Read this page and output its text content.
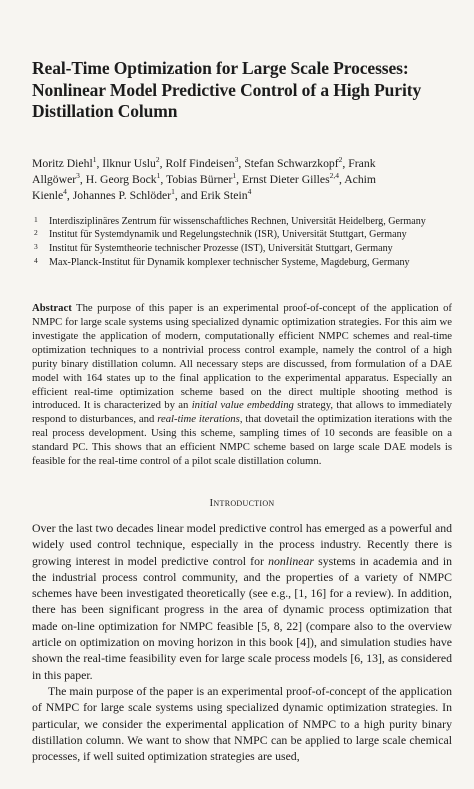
Real-Time Optimization for Large Scale Processes:
Nonlinear Model Predictive Control of a High Purity
Distillation Column
Moritz Diehl$^1$, Ilknur Uslu$^2$, Rolf Findeisen$^3$, Stefan Schwarzkopf$^2$, Frank
Allgöwer$^3$, H. Georg Bock$^1$, Tobias Bürner$^1$, Ernst Dieter Gilles$^{2,4}$, Achim
Kienle$^4$, Johannes P. Schlöder$^1$, and Erik Stein$^4$
1 Interdisziplinäres Zentrum für wissenschaftliches Rechnen, Universität Heidelberg, Germany
2 Institut für Systemdynamik und Regelungstechnik (ISR), Universität Stuttgart, Germany
3 Institut für Systemtheorie technischer Prozesse (IST), Universität Stuttgart, Germany
4 Max-Planck-Institut für Dynamik komplexer technischer Systeme, Magdeburg, Germany
Abstract The purpose of this paper is an experimental proof-of-concept of the application of NMPC for large scale systems using specialized dynamic optimization strategies. For this aim we investigate the application of modern, computationally efficient NMPC schemes and real-time optimization techniques to a nontrivial process control example, namely the control of a high purity binary distillation column. All necessary steps are discussed, from formulation of a DAE model with 164 states up to the final application to the experimental apparatus. Especially an efficient real-time optimization scheme based on the direct multiple shooting method is introduced. It is characterized by an initial value embedding strategy, that allows to immediately respond to disturbances, and real-time iterations, that dovetail the optimization iterations with the real process development. Using this scheme, sampling times of 10 seconds are feasible on a standard PC. This shows that an efficient NMPC scheme based on large scale DAE models is feasible for the real-time control of a pilot scale distillation column.
Introduction

Over the last two decades linear model predictive control has emerged as a powerful and widely used control technique, especially in the process industry. Recently there is growing interest in model predictive control for nonlinear systems in academia and in the industrial process control community, and the properties of a variety of NMPC schemes have been investigated theoretically (see e.g., [1, 16] for a review). In addition, there has been significant progress in the area of dynamic process optimization that made on-line optimization for NMPC feasible [5, 8, 22] (compare also to the overview article on optimization on moving horizon in this book [4]), and simulation studies have shown the real-time feasibility even for large scale process models [6, 13], as considered in this paper.

The main purpose of the paper is an experimental proof-of-concept of the application of NMPC for large scale systems using specialized dynamic optimization strategies. In particular, we consider the experimental application of NMPC to a high purity binary distillation column. We want to show that NMPC can be applied to large scale chemical processes, if well suited optimization strategies are used,
